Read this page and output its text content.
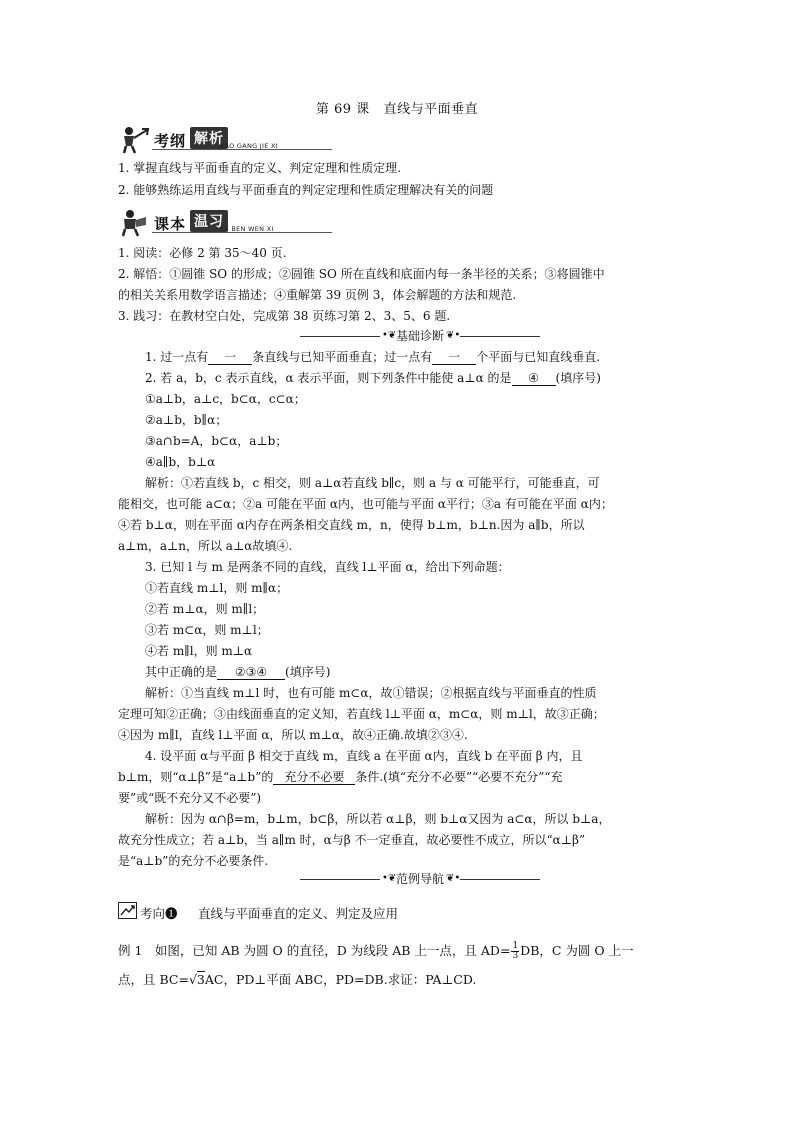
第 69 课 直线与平面垂直
考纲 解析
KAO GANG JIE XI
1. 掌握直线与平面垂直的定义、判定定理和性质定理.
2. 能够熟练运用直线与平面垂直的判定定理和性质定理解决有关的问题
课本 温习
KE BEN WEN XI
1. 阅读：必修 2 第 35～40 页.
2. 解悟：①圆锥 SO 的形成；②圆锥 SO 所在直线和底面内每一条半径的关系；③将圆锥中
的相关关系用数学语言描述；④重解第 39 页例 3，体会解题的方法和规范.
3. 践习：在教材空白处，完成第 38 页练习第 2、3、5、6 题.
•❦ 基础诊断 ❦•
1. 过一点有 一 条直线与已知平面垂直；过一点有 一 个平面与已知直线垂直.
2. 若 a，b，c 表示直线，α 表示平面，则下列条件中能使 a⊥α 的是 ④ (填序号)
①a⊥b，a⊥c，b⊂α，c⊂α；
②a⊥b，b∥α；
③a∩b=A，b⊂α，a⊥b；
④a∥b，b⊥α
解析：①若直线 b，c 相交，则 a⊥α若直线 b∥c，则 a 与 α 可能平行，可能垂直，可
能相交，也可能 a⊂α；②a 可能在平面 α内，也可能与平面 α平行；③a 有可能在平面 α内；
④若 b⊥α，则在平面 α内存在两条相交直线 m，n，使得 b⊥m，b⊥n.因为 a∥b，所以
a⊥m，a⊥n，所以 a⊥α故填④.
3. 已知 l 与 m 是两条不同的直线，直线 l⊥平面 α，给出下列命题：
①若直线 m⊥l，则 m∥α；
②若 m⊥α，则 m∥l；
③若 m⊂α，则 m⊥l；
④若 m∥l，则 m⊥α
其中正确的是 ②③④ (填序号)
解析：①当直线 m⊥l 时，也有可能 m⊂α，故①错误；②根据直线与平面垂直的性质
定理可知②正确；③由线面垂直的定义知，若直线 l⊥平面 α，m⊂α，则 m⊥l，故③正确；
④因为 m∥l，直线 l⊥平面 α，所以 m⊥α，故④正确.故填②③④.
4. 设平面 α与平面 β 相交于直线 m，直线 a 在平面 α内，直线 b 在平面 β 内，且
b⊥m，则“α⊥β”是“a⊥b”的 充分不必要 条件.(填“充分不必要”“必要不充分”“充
要”或“既不充分又不必要”)
解析：因为 α∩β=m，b⊥m，b⊂β，所以若 α⊥β，则 b⊥α又因为 a⊂α，所以 b⊥a，
故充分性成立；若 a⊥b，当 a∥m 时，α与β 不一定垂直，故必要性不成立，所以“α⊥β”
是“a⊥b”的充分不必要条件.
•❦ 范例导航 ❦•
考向❶ 直线与平面垂直的定义、判定及应用
例 1　如图，已知 AB 为圆 O 的直径，D 为线段 AB 上一点，且 $AD= \frac{1}{3}$ DB，C 为圆 O 上一
点，且 BC=√3AC，PD⊥平面 ABC，PD=DB.求证：PA⊥CD.
